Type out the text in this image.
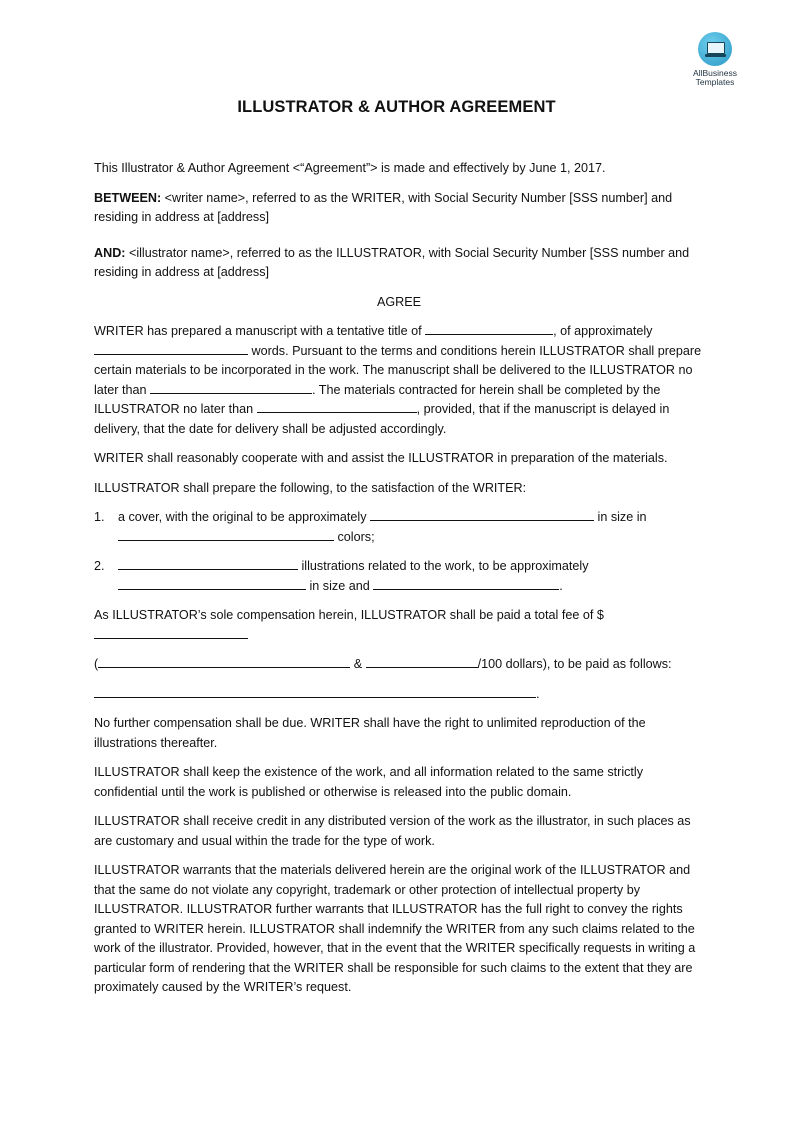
AllBusiness
Templates
ILLUSTRATOR & AUTHOR AGREEMENT

This Illustrator & Author Agreement <“Agreement”> is made and effectively by June 1, 2017.

BETWEEN: <writer name>, referred to as the WRITER, with Social Security Number [SSS number] and residing in address at [address]

AND: <illustrator name>, referred to as the ILLUSTRATOR, with Social Security Number [SSS number and residing in address at [address]

AGREE

WRITER has prepared a manuscript with a tentative title of	, of approximately  words. Pursuant to the terms and conditions herein ILLUSTRATOR shall prepare certain materials to be incorporated in the work. The manuscript shall be delivered to the ILLUSTRATOR no later than	. The materials contracted for herein shall be completed by the ILLUSTRATOR no later than	, provided, that if the manuscript is delayed in delivery, that the date for delivery shall be adjusted accordingly.

WRITER shall reasonably cooperate with and assist the ILLUSTRATOR in preparation of the materials.

ILLUSTRATOR shall prepare the following, to the satisfaction of the WRITER:

1. a cover, with the original to be approximately	in size in  colors;
2.	illustrations related to the work, to be approximately  in size and	.

As ILLUSTRATOR’s sole compensation herein, ILLUSTRATOR shall be paid a total fee of $

(	&	/100 dollars), to be paid as follows:

.

No further compensation shall be due. WRITER shall have the right to unlimited reproduction of the illustrations thereafter.

ILLUSTRATOR shall keep the existence of the work, and all information related to the same strictly confidential until the work is published or otherwise is released into the public domain.

ILLUSTRATOR shall receive credit in any distributed version of the work as the illustrator, in such places as are customary and usual within the trade for the type of work.

ILLUSTRATOR warrants that the materials delivered herein are the original work of the ILLUSTRATOR and that the same do not violate any copyright, trademark or other protection of intellectual property by ILLUSTRATOR. ILLUSTRATOR further warrants that ILLUSTRATOR has the full right to convey the rights granted to WRITER herein. ILLUSTRATOR shall indemnify the WRITER from any such claims related to the work of the illustrator. Provided, however, that in the event that the WRITER specifically requests in writing a particular form of rendering that the WRITER shall be responsible for such claims to the extent that they are proximately caused by the WRITER’s request.
